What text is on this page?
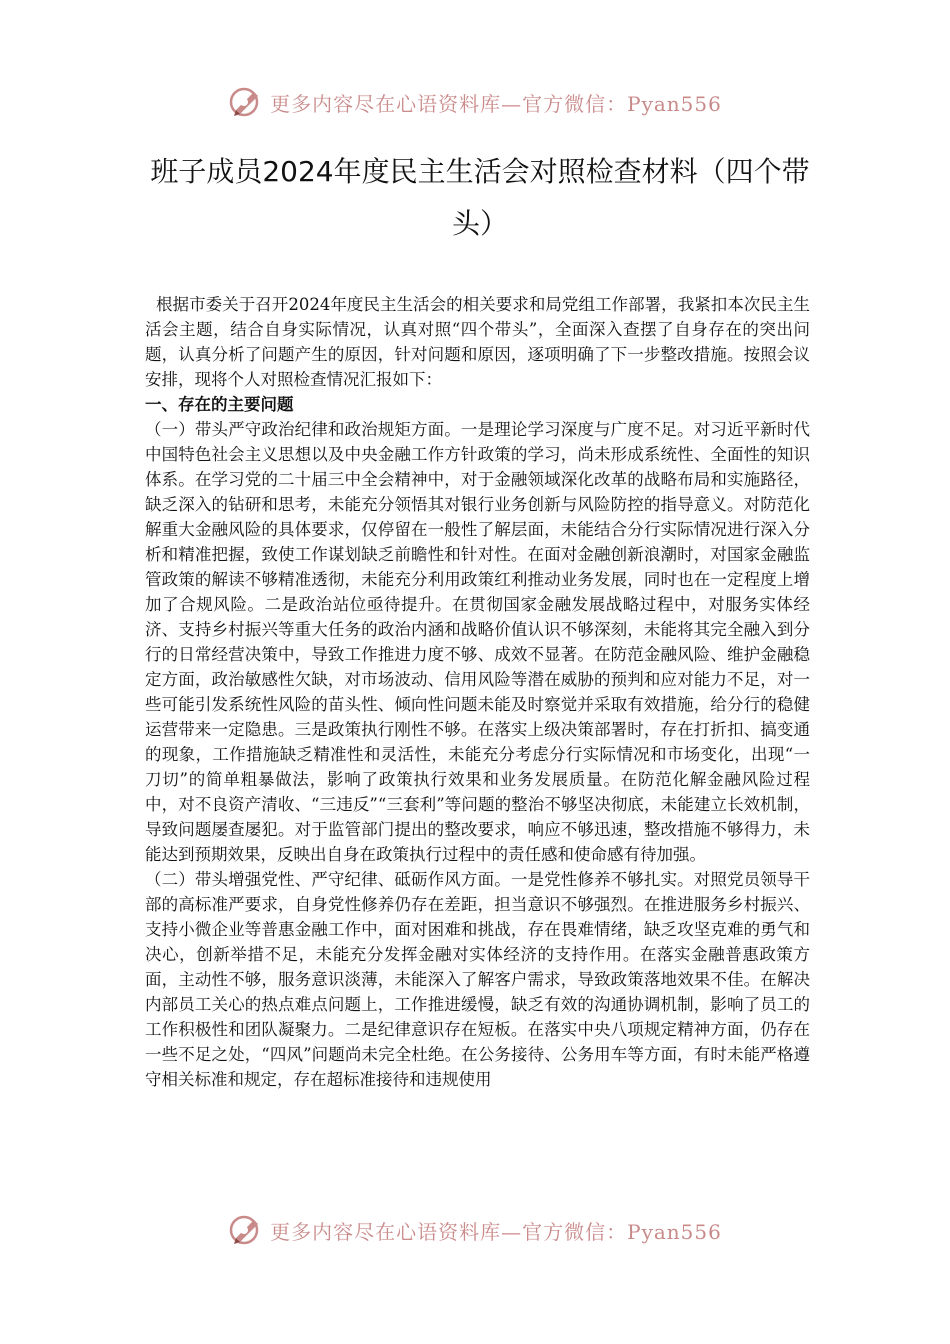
更多内容尽在心语资料库—官方微信：Pyan556
班子成员2024年度民主生活会对照检查材料（四个带头）

根据市委关于召开2024年度民主生活会的相关要求和局党组工作部署，我紧扣本次民主生活会主题，结合自身实际情况，认真对照“四个带头”，全面深入查摆了自身存在的突出问题，认真分析了问题产生的原因，针对问题和原因，逐项明确了下一步整改措施。按照会议安排，现将个人对照检查情况汇报如下：

一、存在的主要问题

（一）带头严守政治纪律和政治规矩方面。一是理论学习深度与广度不足。对习近平新时代中国特色社会主义思想以及中央金融工作方针政策的学习，尚未形成系统性、全面性的知识体系。在学习党的二十届三中全会精神中，对于金融领域深化改革的战略布局和实施路径，缺乏深入的钻研和思考，未能充分领悟其对银行业务创新与风险防控的指导意义。对防范化解重大金融风险的具体要求，仅停留在一般性了解层面，未能结合分行实际情况进行深入分析和精准把握，致使工作谋划缺乏前瞻性和针对性。在面对金融创新浪潮时，对国家金融监管政策的解读不够精准透彻，未能充分利用政策红利推动业务发展，同时也在一定程度上增加了合规风险。二是政治站位亟待提升。在贯彻国家金融发展战略过程中，对服务实体经济、支持乡村振兴等重大任务的政治内涵和战略价值认识不够深刻，未能将其完全融入到分行的日常经营决策中，导致工作推进力度不够、成效不显著。在防范金融风险、维护金融稳定方面，政治敏感性欠缺，对市场波动、信用风险等潜在威胁的预判和应对能力不足，对一些可能引发系统性风险的苗头性、倾向性问题未能及时察觉并采取有效措施，给分行的稳健运营带来一定隐患。三是政策执行刚性不够。在落实上级决策部署时，存在打折扣、搞变通的现象，工作措施缺乏精准性和灵活性，未能充分考虑分行实际情况和市场变化，出现“一刀切”的简单粗暴做法，影响了政策执行效果和业务发展质量。在防范化解金融风险过程中，对不良资产清收、“三违反”“三套利”等问题的整治不够坚决彻底，未能建立长效机制，导致问题屡查屡犯。对于监管部门提出的整改要求，响应不够迅速，整改措施不够得力，未能达到预期效果，反映出自身在政策执行过程中的责任感和使命感有待加强。

（二）带头增强党性、严守纪律、砥砺作风方面。一是党性修养不够扎实。对照党员领导干部的高标准严要求，自身党性修养仍存在差距，担当意识不够强烈。在推进服务乡村振兴、支持小微企业等普惠金融工作中，面对困难和挑战，存在畏难情绪，缺乏攻坚克难的勇气和决心，创新举措不足，未能充分发挥金融对实体经济的支持作用。在落实金融普惠政策方面，主动性不够，服务意识淡薄，未能深入了解客户需求，导致政策落地效果不佳。在解决内部员工关心的热点难点问题上，工作推进缓慢，缺乏有效的沟通协调机制，影响了员工的工作积极性和团队凝聚力。二是纪律意识存在短板。在落实中央八项规定精神方面，仍存在一些不足之处，“四风”问题尚未完全杜绝。在公务接待、公务用车等方面，有时未能严格遵守相关标准和规定，存在超标准接待和违规使用

更多内容尽在心语资料库—官方微信：Pyan556
